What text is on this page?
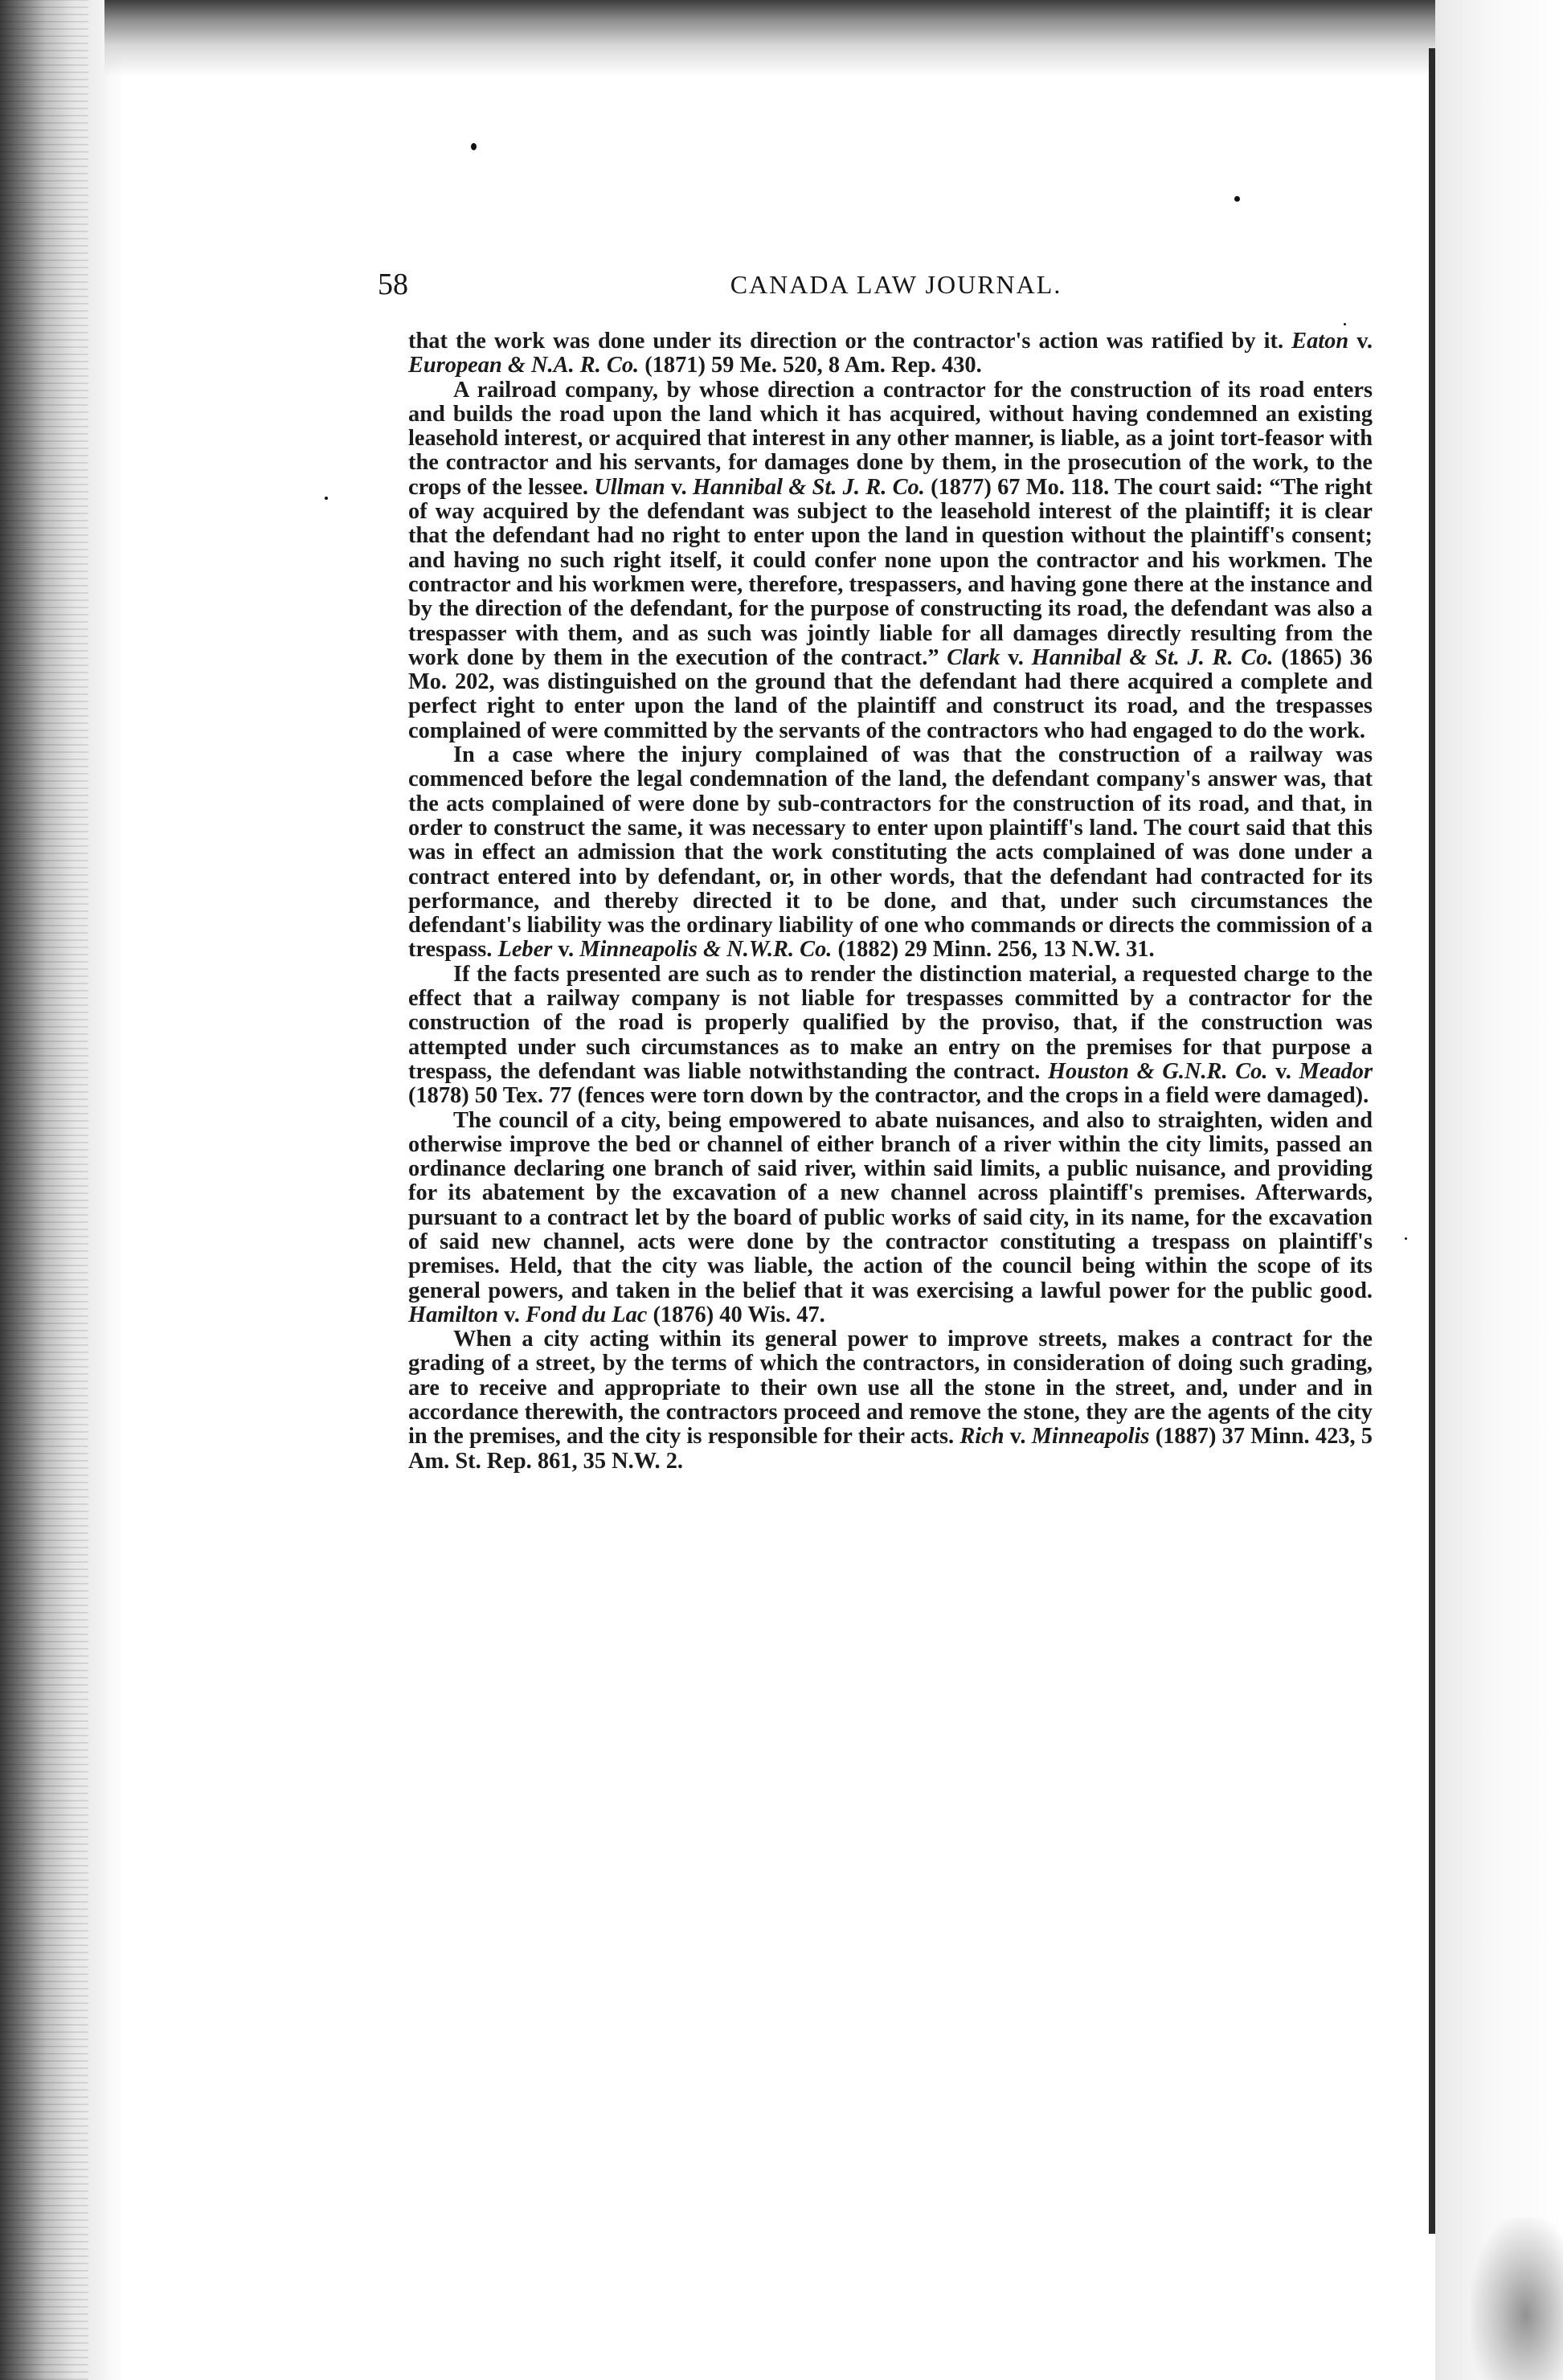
58	CANADA LAW JOURNAL.

that the work was done under its direction or the contractor's action was ratified by it. Eaton v. European & N.A. R. Co. (1871) 59 Me. 520, 8 Am. Rep. 430.

A railroad company, by whose direction a contractor for the construction of its road enters and builds the road upon the land which it has acquired, without having condemned an existing leasehold interest, or acquired that interest in any other manner, is liable, as a joint tort-feasor with the contractor and his servants, for damages done by them, in the prosecution of the work, to the crops of the lessee. Ullman v. Hannibal & St. J. R. Co. (1877) 67 Mo. 118. The court said: “The right of way acquired by the defendant was subject to the leasehold interest of the plaintiff; it is clear that the defendant had no right to enter upon the land in question without the plaintiff's consent; and having no such right itself, it could confer none upon the contractor and his workmen. The contractor and his workmen were, therefore, trespassers, and having gone there at the instance and by the direction of the defendant, for the purpose of constructing its road, the defendant was also a trespasser with them, and as such was jointly liable for all damages directly resulting from the work done by them in the execution of the contract.” Clark v. Hannibal & St. J. R. Co. (1865) 36 Mo. 202, was distinguished on the ground that the defendant had there acquired a complete and perfect right to enter upon the land of the plaintiff and construct its road, and the trespasses complained of were committed by the servants of the contractors who had engaged to do the work.

In a case where the injury complained of was that the construction of a railway was commenced before the legal condemnation of the land, the defendant company's answer was, that the acts complained of were done by sub-contractors for the construction of its road, and that, in order to construct the same, it was necessary to enter upon plaintiff's land. The court said that this was in effect an admission that the work constituting the acts complained of was done under a contract entered into by defendant, or, in other words, that the defendant had contracted for its performance, and thereby directed it to be done, and that, under such circumstances the defendant's liability was the ordinary liability of one who commands or directs the commission of a trespass. Leber v. Minneapolis & N.W.R. Co. (1882) 29 Minn. 256, 13 N.W. 31.

If the facts presented are such as to render the distinction material, a requested charge to the effect that a railway company is not liable for trespasses committed by a contractor for the construction of the road is properly qualified by the proviso, that, if the construction was attempted under such circumstances as to make an entry on the premises for that purpose a trespass, the defendant was liable notwithstanding the contract. Houston & G.N.R. Co. v. Meador (1878) 50 Tex. 77 (fences were torn down by the contractor, and the crops in a field were damaged).

The council of a city, being empowered to abate nuisances, and also to straighten, widen and otherwise improve the bed or channel of either branch of a river within the city limits, passed an ordinance declaring one branch of said river, within said limits, a public nuisance, and providing for its abatement by the excavation of a new channel across plaintiff's premises. Afterwards, pursuant to a contract let by the board of public works of said city, in its name, for the excavation of said new channel, acts were done by the contractor constituting a trespass on plaintiff's premises. Held, that the city was liable, the action of the council being within the scope of its general powers, and taken in the belief that it was exercising a lawful power for the public good. Hamilton v. Fond du Lac (1876) 40 Wis. 47.

When a city acting within its general power to improve streets, makes a contract for the grading of a street, by the terms of which the contractors, in consideration of doing such grading, are to receive and appropriate to their own use all the stone in the street, and, under and in accordance therewith, the contractors proceed and remove the stone, they are the agents of the city in the premises, and the city is responsible for their acts. Rich v. Minneapolis (1887) 37 Minn. 423, 5 Am. St. Rep. 861, 35 N.W. 2.
